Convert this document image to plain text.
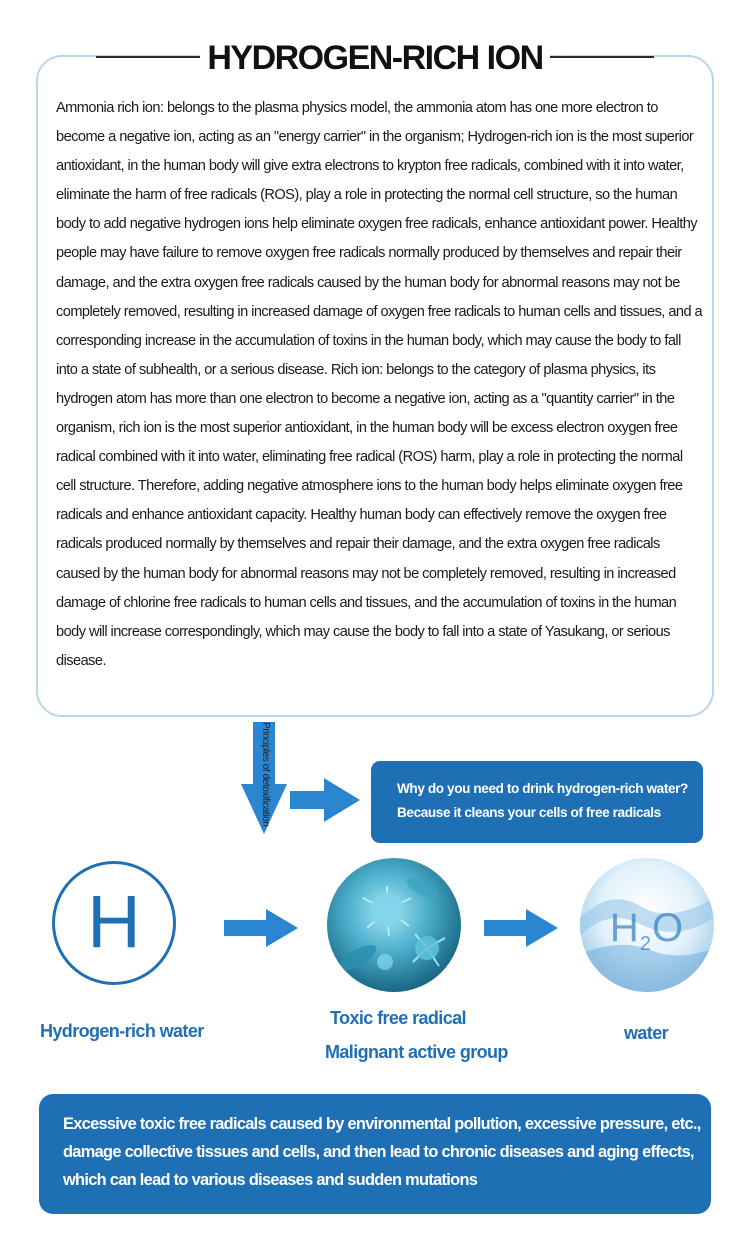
HYDROGEN-RICH ION
Ammonia rich ion: belongs to the plasma physics model, the ammonia atom has one more electron to become a negative ion, acting as an "energy carrier" in the organism; Hydrogen-rich ion is the most superior antioxidant, in the human body will give extra electrons to krypton free radicals, combined with it into water, eliminate the harm of free radicals (ROS), play a role in protecting the normal cell structure, so the human body to add negative hydrogen ions help eliminate oxygen free radicals, enhance antioxidant power. Healthy people may have failure to remove oxygen free radicals normally produced by themselves and repair their damage, and the extra oxygen free radicals caused by the human body for abnormal reasons may not be completely removed, resulting in increased damage of oxygen free radicals to human cells and tissues, and a corresponding increase in the accumulation of toxins in the human body, which may cause the body to fall into a state of subhealth, or a serious disease. Rich ion: belongs to the category of plasma physics, its hydrogen atom has more than one electron to become a negative ion, acting as a "quantity carrier" in the organism, rich ion is the most superior antioxidant, in the human body will be excess electron oxygen free radical combined with it into water, eliminating free radical (ROS) harm, play a role in protecting the normal cell structure. Therefore, adding negative atmosphere ions to the human body helps eliminate oxygen free radicals and enhance antioxidant capacity. Healthy human body can effectively remove the oxygen free radicals produced normally by themselves and repair their damage, and the extra oxygen free radicals caused by the human body for abnormal reasons may not be completely removed, resulting in increased damage of chlorine free radicals to human cells and tissues, and the accumulation of toxins in the human body will increase correspondingly, which may cause the body to fall into a state of Yasukang, or serious disease.
Principles of detoxification	Why do you need to drink hydrogen-rich water?

Because it cleans your cells of free radicals

H	$H_2O$
Hydrogen-rich water
Toxic free radical
Malignant active group
water
Excessive toxic free radicals caused by environmental pollution, excessive pressure, etc., damage collective tissues and cells, and then lead to chronic diseases and aging effects, which can lead to various diseases and sudden mutations
